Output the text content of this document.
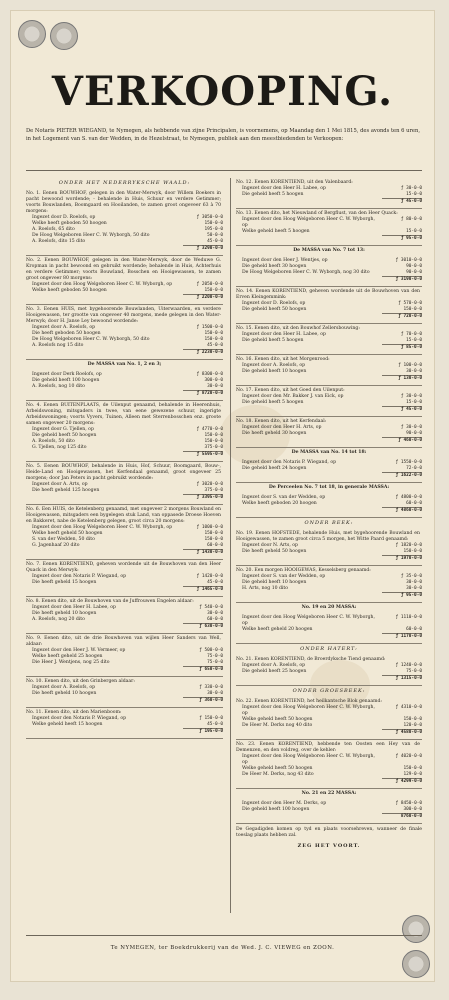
VERKOOPING.
De Notaris PIETER WIEGAND, te Nymegen, als hebbende van zijne Principalen, is voornemens, op Maandag den 1 Mei 1815, des avonds ten 6 uren, in het Logement van S. van der Wedden, in de Hezelstraat, te Nymegen, publiek aan den meestbiedenden te Verkoopen:
ONDER HET NEDERRYKSCHE WAALD:
No. 1. Eenen BOUWHOF, gelegen in den Water-Merwyk, door Willem Boekers in pacht bewoond wordende; - behalende in Huis, Schuur en verdere Getimmer; voorts Bouwlanden, Boomgaard en Hooilanden, te zamen groot ongeveer 63 à 70 morgens:
Ingezet door D. Roelofs, op	ƒ 3050-0-0
Welke heeft geboden 50 hoogen	150-0-0
A. Roelofs, 65 dito	195-0-0
De Hoog Welgeboren Heer C. W. Wyborgh, 50 dito	50-0-0
A. Roelofs, dito 15 dito	45-0-0
ƒ 3290-0-0
No. 2. Eenen BOUWHOF, gelegen in den Water-Merwyk, door de Weduwe G. Kropman in pacht bewoond en gebruikt wordende; behalende in Huis, Achterhuis en verdere Getimmer; voorts Bouwland, Bosschen en Hooigewassen, te zamen groot ongeveer 80 morgens:
Ingezet door den Hoog Welgeboren Heer C. W. Wyborgh, op	ƒ 2050-0-0
Welke heeft geboden 50 hoogen	150-0-0
ƒ 2200-0-0
No. 3. Eenen HUIS, met bygehoorende Bouwlanden, Uiterwaarden, en verdere Hooigewassen, ter grootte van ongeveer 40 morgens, mede gelegen in den Water-Merwyk; door H. Janse Ley bewoond wordende:
Ingezet door A. Roelofs, op	ƒ 1500-0-0
Die heeft geboden 50 hoogen	150-0-0
De Hoog Welgeboren Heer C. W. Wyborgh, 50 dito	150-0-0
A. Roelofs nog 15 dito	45-0-0
ƒ 2230-0-0
De MASSA van No. 1, 2 en 3;
Ingezet door Derk Roelofs, op	ƒ 8300-0-0
Die geheld heeft 100 hoogen	300-0-0
A. Roelofs, nog 10 dito	30-0-0
ƒ 8720-0-0
No. 4. Eenen BUITENPLAATS, de Uilenput genaamd, behalende in Heerenhuis, Arbeidswoning, mitsgaders in twee, van eene gewezene schuur, ingerigte Arbeidswoningen; voorts Vyvers, Tuinen, Alleen met Sterrenbosschen enz. groote samen ongeveer 20 morgens:
Ingezet door G. Tjellen, op	ƒ 4770-0-0
Die geheld heeft 50 hoogen	150-0-0
A. Roelofs, 50 dito	150-0-0
G. Tjellen, nog 125 dito	375-0-0
ƒ 5595-0-0
No. 5. Eenen BOUWHOF, behalende in Huis, Hof, Schuur, Boomgaard, Bouw-, Heide-Land en Hooigewassen, het Kerfendaal genaamd, groot ongeveer 25 morgens; door Jan Peters in pacht gebruikt wordende:
Ingezet door A. Arts, op	ƒ 3020-0-0
Die heeft geheld 125 hoogen	375-0-0
ƒ 3395-0-0
No. 6. Een HUIS, de Ketelenberg genaamd, met ongeveer 2 morgens Bouwland en Hooigewassen, mitsgaders een bygelegen stuk Land, van oppasede Droese Hoeven en Bakkeret, nabe de Ketelenberg gelegen, groot circa 20 morgens:
Ingezet door den Hoog Welgeboren Heer C. W. Wyborgh, op	ƒ 1000-0-0
Welke heeft geheld 50 hoogen	150-0-0
S. van der Wedden, 50 dito	150-0-0
G. Jagenhaaf 20 dito	60-0-0
ƒ 1430-0-0
No. 7. Eenen KORENTIEND, geheven wordende uit de Bouwhoven van den Heer Quack in den Merwyk:
Ingezet door den Notaris P. Wiegand, op	ƒ 1420-0-0
Die heeft geheld 15 hoogen	45-0-0
ƒ 1465-0-0
No. 8. Eenen dito, uit de Bouwhoven van de Juffrouwen Engelen aldaar:
Ingezet door den Heer H. Labee, op	ƒ 540-0-0
Die heeft geheld 10 hoogen	30-0-0
A. Roelofs, nog 20 dito	60-0-0
ƒ 630-0-0
No. 9. Eenen dito, uit de drie Bouwhoven van wijlen Heer Sanders van Well, aldaar:
Ingezet door den Heer J. W. Vermeer, op	ƒ 500-0-0
Welke heeft geheld 25 hoogen	75-0-0
Die Heer J. Wentjens, nog 25 dito	75-0-0
ƒ 650-0-0
No. 10. Eenen dito, uit den Grinbergen aldaar:
Ingezet door A. Roelofs, op	ƒ 330-0-0
Die heeft geheld 10 hoogen	30-0-0
ƒ 360-0-0
No. 11. Eenen dito, uit den Marienboom:
Ingezet door den Notaris P. Wiegand, op	ƒ 150-0-0
Welke geheld heeft 15 hoogen	45-0-0
ƒ 195-0-0
No. 12. Eenen KORENTIEND, uit den Valenbaard:
Ingezet door den Heer H. Labee, op	ƒ 30-0-0
Die geheld heeft 5 hoogen	15-0-0
ƒ 45-0-0
No. 13. Eenen dito, het Nieuwland of Bergflust, van den Heer Quack:
Ingezet door den Hoog Welgeboren Heer C. W. Wyborgh, op
ƒ 80-0-0
Welke geheld heeft 5 hoogen	15-0-0
ƒ 95-0-0
De MASSA van No. 7 tot 13:
Ingezet door den Heer J. Wentjes, op	ƒ 3010-0-0
Die geheld heeft 30 hoogen	90-0-0
De Hoog Welgeboren Heer C. W. Wyborgh, nog 30 dito	90-0-0
ƒ 3190-0-0
No. 14. Eenen KORENTIEND, geheven wordende uit de Bouwhoven van den Erven Kleingemmink:
Ingezet door D. Roelofs, op	ƒ 570-0-0
Die geheld heeft 50 hoogen	150-0-0
ƒ 720-0-0
No. 15. Eenen dito, uit den Bouwhof Zellersbouwing:
Ingezet door den Heer H. Labee, op	ƒ 70-0-0
Die geheld heeft 5 hoogen	15-0-0
ƒ 85-0-0
No. 16. Eenen dito, uit het Morgenrood:
Ingezet door A. Roelofs, op	ƒ 100-0-0
Die geheld heeft 10 hoogen	30-0-0
ƒ 130-0-0
No. 17. Eenen dito, uit het Goed den Uilenput:
Ingezet door den Mr. Bakker J. van Eick, op	ƒ 30-0-0
Die geheld heeft 5 hoogen	15-0-0
ƒ 45-0-0
No. 18. Eenen dito, uit het Kerfendaal:
Ingezet door den Heer H. Arts, op	ƒ 30-0-0
Die heeft geheld 30 hoogen	90-0-0
ƒ 460-0-0
De MASSA van No. 14 tot 18:
Ingezet door den Notaris P. Wiegand, op	ƒ 1550-0-0
Die geheld heeft 24 hoogen	72-0-0
ƒ 1622-0-0
De Perceelen No. 7 tot 18, in generale MASSA:
Ingezet door S. van der Wedden, op	ƒ 4800-0-0
Welke heeft geboden 20 hoogen	60-0-0
ƒ 4860-0-0
ONDER BEEK:
No. 19. Eenen HOFSTEDE, behalende Huis, met bygehoorende Bouwland en Hooigewassen, te zamen groot circa 5 morgen, het Witte Paard genaamd:
Ingezet door N. Arts, op	ƒ 1820-0-0
Die heeft geheld 50 hoogen	150-0-0
ƒ 1970-0-0
No. 20. Een morgen HOOIGEWAS, Kesselsberg genaamd:
Ingezet door S. van der Wedden, op	ƒ 35-0-0
Die geheld heeft 10 hoogen	30-0-0
H. Arts, nog 10 dito	30-0-0
ƒ 95-0-0
No. 19 en 20 MASSA:
Ingezet door den Hoog Welgeboren Heer C. W. Wyborgh, op
ƒ 1110-0-0
Welke heeft geheld 20 hoogen	60-0-0
ƒ 1170-0-0
ONDER HATERT:
No. 21. Eenen KORENTIEND, de Broerdyksche Tiend genaamd:
Ingezet door A. Roelofs, op	ƒ 1240-0-0
Die geheld heeft 25 hoogen	75-0-0
ƒ 1315-0-0
ONDER GROESBEEK:
No. 22. Eenen KORENTIEND, het heilkantsche Blok genaamd:
Ingezet door den Hoog Welgeboren Heer C. W. Wyborgh, op
ƒ 4310-0-0
Welke geheld heeft 50 hoogen	150-0-0
De Heer M. Derks nog 40 dito	120-0-0
ƒ 4580-0-0
No. 23. Eenen KORENTIEND, hebbende ten Oosten een Hey van de Demenzen, en den voldreg, over de kehler:
Ingezet door den Hoog Welgeboren Heer C. W. Wyborgh, op
ƒ 4020-0-0
Welke geheld heeft 50 hoogen	150-0-0
De Heer M. Derks, nog 43 dito	129-0-0
ƒ 4299-0-0
No. 21 en 22 MASSA:
Ingezet door den Heer M. Derks, op	ƒ 8450-0-0
Die geheld heeft 100 hoogen	300-0-0
8760-0-0
De Gegadigden komen op tyd en plaats voorsehreven, wanneer de finale toeslag plaats hebben zal.
ZEG HET VOORT.
Te NYMEGEN, ter Boekdrukkerij van de Wed. J. C. VIEWEG en ZOON.
